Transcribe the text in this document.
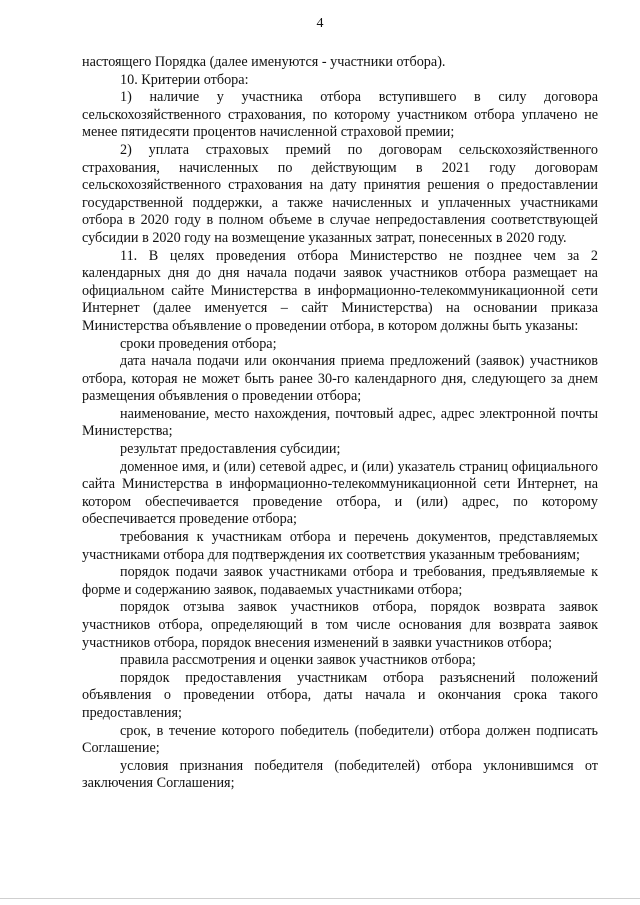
4

настоящего Порядка (далее именуются - участники отбора).

10. Критерии отбора:

1) наличие у участника отбора вступившего в силу договора сельскохозяйственного страхования, по которому участником отбора уплачено не менее пятидесяти процентов начисленной страховой премии;

2) уплата страховых премий по договорам сельскохозяйственного страхования, начисленных по действующим в 2021 году договорам сельскохозяйственного страхования на дату принятия решения о предоставлении государственной поддержки, а также начисленных и уплаченных участниками отбора в 2020 году в полном объеме в случае непредоставления соответствующей субсидии в 2020 году на возмещение указанных затрат, понесенных в 2020 году.

11. В целях проведения отбора Министерство не позднее чем за 2 календарных дня до дня начала подачи заявок участников отбора размещает на официальном сайте Министерства в информационно-телекоммуникационной сети Интернет (далее именуется – сайт Министерства) на основании приказа Министерства объявление о проведении отбора, в котором должны быть указаны:

сроки проведения отбора;

дата начала подачи или окончания приема предложений (заявок) участников отбора, которая не может быть ранее 30-го календарного дня, следующего за днем размещения объявления о проведении отбора;

наименование, место нахождения, почтовый адрес, адрес электронной почты Министерства;

результат предоставления субсидии;

доменное имя, и (или) сетевой адрес, и (или) указатель страниц официального сайта Министерства в информационно-телекоммуникационной сети Интернет, на котором обеспечивается проведение отбора, и (или) адрес, по которому обеспечивается проведение отбора;

требования к участникам отбора и перечень документов, представляемых участниками отбора для подтверждения их соответствия указанным требованиям;

порядок подачи заявок участниками отбора и требования, предъявляемые к форме и содержанию заявок, подаваемых участниками отбора;

порядок отзыва заявок участников отбора, порядок возврата заявок участников отбора, определяющий в том числе основания для возврата заявок участников отбора, порядок внесения изменений в заявки участников отбора;

правила рассмотрения и оценки заявок участников отбора;

порядок предоставления участникам отбора разъяснений положений объявления о проведении отбора, даты начала и окончания срока такого предоставления;

срок, в течение которого победитель (победители) отбора должен подписать Соглашение;

условия признания победителя (победителей) отбора уклонившимся от заключения Соглашения;
